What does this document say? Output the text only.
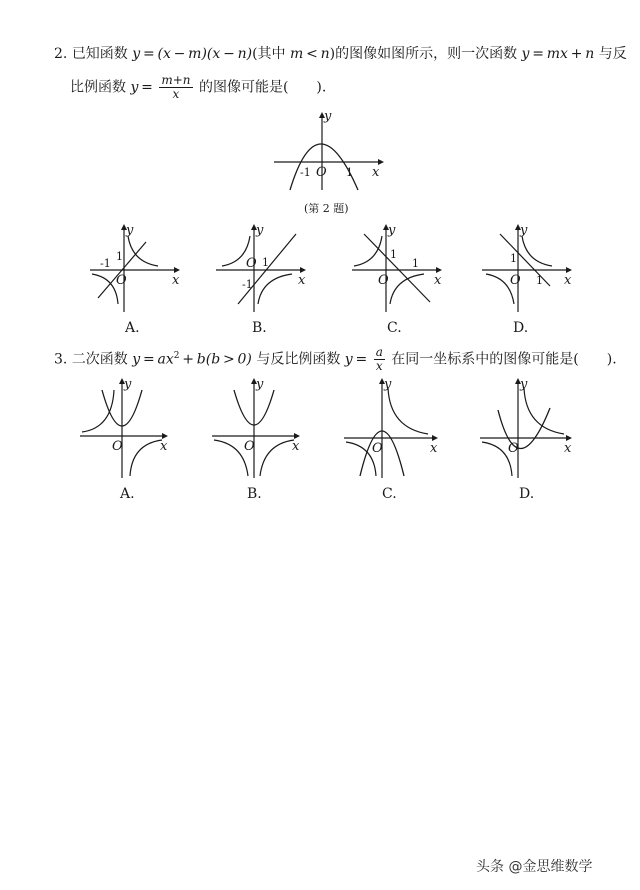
2. 已知函数 y = (x − m)(x − n)(其中 m < n)的图像如图所示，则一次函数 y = mx + n 与反
比例函数 $y = \frac{m+n}{x}$ 的图像可能是(　　).
y
x
O
-1	1
(第 2 题)
y
x
O
-1
1
A.
y
x
O 1
-1
B.
y
x
O
1
1
C.
y
x
O
1
1
D.
3. 二次函数 $y = ax^2 + b(b > 0)$ 与反比例函数 $y = \frac{a}{x}$ 在同一坐标系中的图像可能是(　　).
y
x
O
A.
y
x
O
B.
y
x
O
C.
y
x
O
D.
头条 @金思维数学
